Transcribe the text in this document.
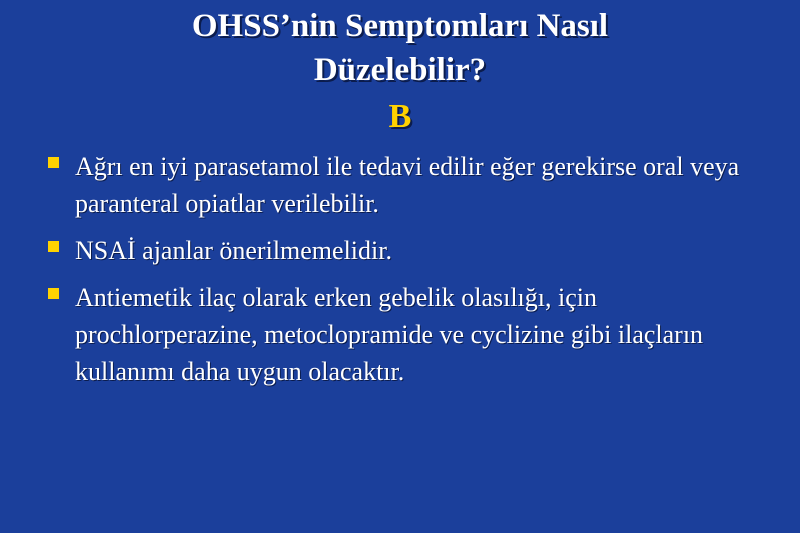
OHSS’nin Semptomları Nasıl
Düzelebilir?
B
Ağrı en iyi parasetamol ile tedavi edilir eğer gerekirse oral veya paranteral opiatlar verilebilir.
NSAİ ajanlar önerilmemelidir.
Antiemetik ilaç olarak erken gebelik olasılığı, için prochlorperazine, metoclopramide ve cyclizine gibi ilaçların kullanımı daha uygun olacaktır.
